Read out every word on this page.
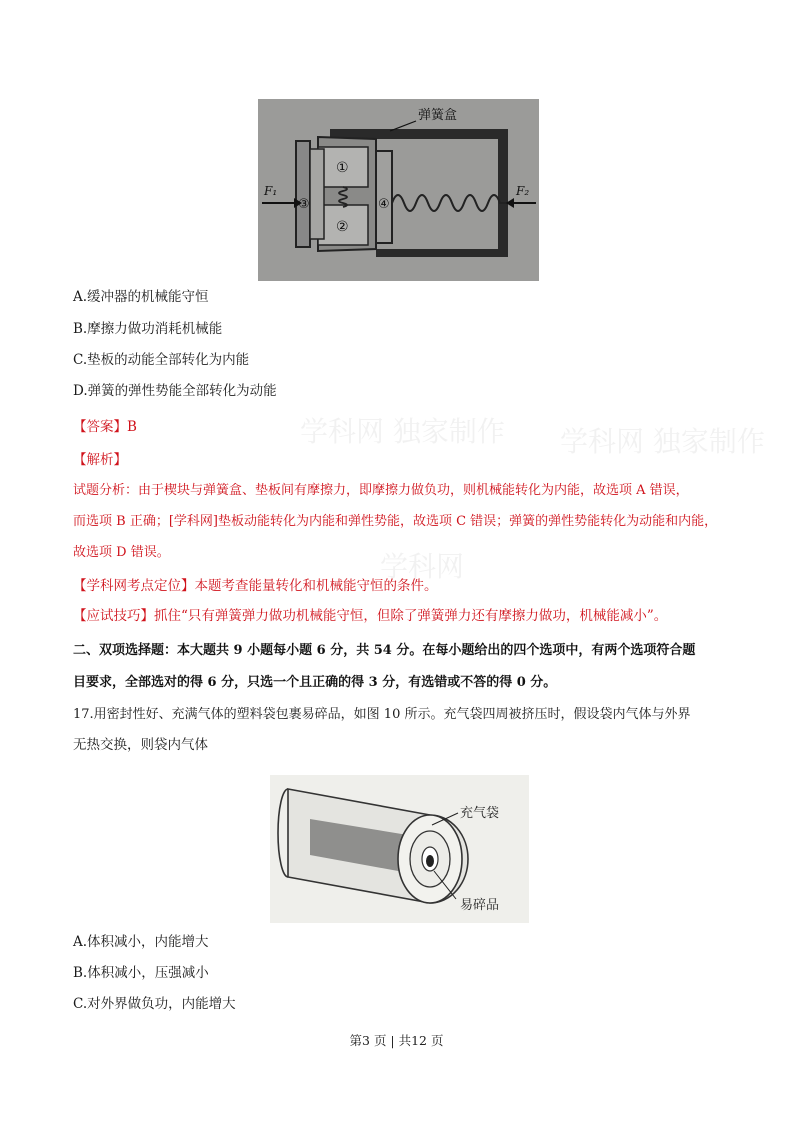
学科网 独家制作 学科网 独家制作
学科网
弹簧盒
F₁	F₂
①
②
③	④
A.缓冲器的机械能守恒
B.摩擦力做功消耗机械能
C.垫板的动能全部转化为内能
D.弹簧的弹性势能全部转化为动能
【答案】B
【解析】
试题分析：由于楔块与弹簧盒、垫板间有摩擦力，即摩擦力做负功，则机械能转化为内能，故选项 A 错误，
而选项 B 正确；[学科网]垫板动能转化为内能和弹性势能，故选项 C 错误；弹簧的弹性势能转化为动能和内能，
故选项 D 错误。
【学科网考点定位】本题考查能量转化和机械能守恒的条件。
【应试技巧】抓住“只有弹簧弹力做功机械能守恒，但除了弹簧弹力还有摩擦力做功，机械能减小”。
二、双项选择题：本大题共 9 小题每小题 6 分，共 54 分。在每小题给出的四个选项中，有两个选项符合题
目要求，全部选对的得 6 分，只选一个且正确的得 3 分，有选错或不答的得 0 分。
17.用密封性好、充满气体的塑料袋包裹易碎品，如图 10 所示。充气袋四周被挤压时，假设袋内气体与外界
无热交换，则袋内气体
充气袋
易碎品
A.体积减小，内能增大
B.体积减小，压强减小
C.对外界做负功，内能增大
第3 页 | 共12 页
